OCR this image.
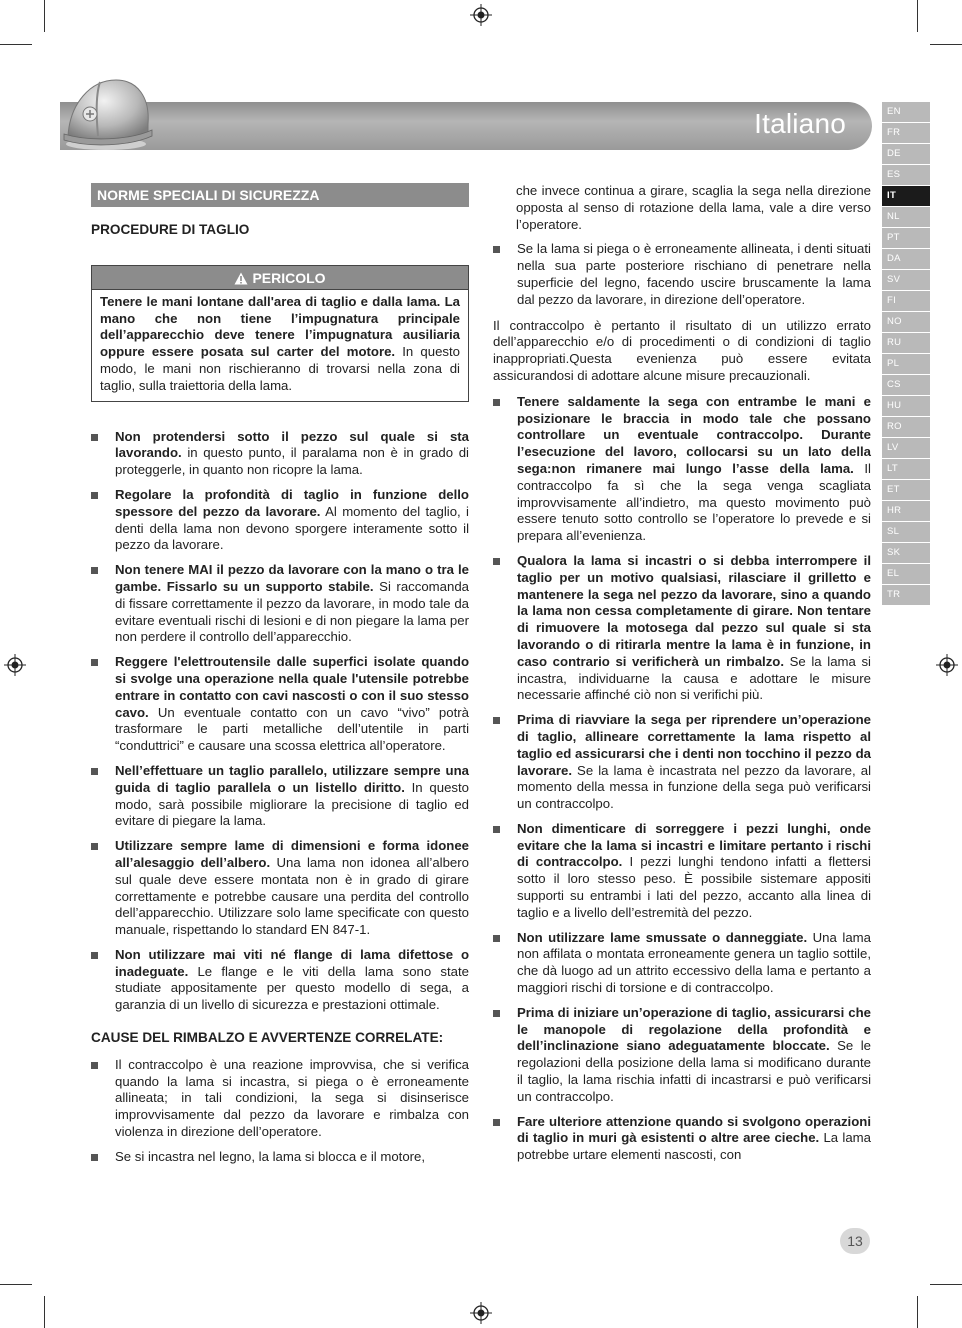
Italiano	EN
FR
DE
ES
IT
NL
PT
DA
SV
FI
NO
RU
PL
CS
HU
RO
LV
LT
ET
HR
SL
SK
EL
TR
NORME SPECIALI DI SICUREZZA
PROCEDURE DI TAGLIO
PERICOLO
Tenere le mani lontane dall'area di taglio e dalla lama. La mano che non tiene l’impugnatura principale dell’apparecchio deve tenere l’impugnatura ausiliaria oppure essere posata sul carter del motore. In questo modo, le mani non rischieranno di trovarsi nella zona di taglio, sulla traiettoria della lama.
Non protendersi sotto il pezzo sul quale si sta lavorando. in questo punto, il paralama non è in grado di proteggerle, in quanto non ricopre la lama.
Regolare la profondità di taglio in funzione dello spessore del pezzo da lavorare. Al momento del taglio, i denti della lama non devono sporgere interamente sotto il pezzo da lavorare.
Non tenere MAI il pezzo da lavorare con la mano o tra le gambe. Fissarlo su un supporto stabile. Si raccomanda di fissare correttamente il pezzo da lavorare, in modo tale da evitare eventuali rischi di lesioni e di non piegare la lama per non perdere il controllo dell’apparecchio.
Reggere l'elettroutensile dalle superfici isolate quando si svolge una operazione nella quale l'utensile potrebbe entrare in contatto con cavi nascosti o con il suo stesso cavo. Un eventuale contatto con un cavo “vivo” potrà trasformare le parti metalliche dell’utentile in parti “conduttrici” e causare una scossa elettrica all’operatore.
Nell’effettuare un taglio parallelo, utilizzare sempre una guida di taglio parallela o un listello diritto. In questo modo, sarà possibile migliorare la precisione di taglio ed evitare di piegare la lama.
Utilizzare sempre lame di dimensioni e forma idonee all’alesaggio dell’albero. Una lama non idonea all’albero sul quale deve essere montata non è in grado di girare correttamente e potrebbe causare una perdita del controllo dell’apparecchio. Utilizzare solo lame specificate con questo manuale, rispettando lo standard EN 847-1.
Non utilizzare mai viti né flange di lama difettose o inadeguate. Le flange e le viti della lama sono state studiate appositamente per questo modello di sega, a garanzia di un livello di sicurezza e prestazioni ottimale.
CAUSE DEL RIMBALZO E AVVERTENZE CORRELATE:
Il contraccolpo è una reazione improvvisa, che si verifica quando la lama si incastra, si piega o è erroneamente allineata; in tali condizioni, la sega si disinserisce improvvisamente dal pezzo da lavorare e rimbalza con violenza in direzione dell’operatore.
Se si incastra nel legno, la lama si blocca e il motore,
che invece continua a girare, scaglia la sega nella direzione opposta al senso di rotazione della lama, vale a dire verso l’operatore.
Se la lama si piega o è erroneamente allineata, i denti situati nella sua parte posteriore rischiano di penetrare nella superficie del legno, facendo uscire bruscamente la lama dal pezzo da lavorare, in direzione dell’operatore.
Il contraccolpo è pertanto il risultato di un utilizzo errato dell’apparecchio e/o di procedimenti o di condizioni di taglio inappropriati.Questa evenienza può essere evitata assicurandosi di adottare alcune misure precauzionali.
Tenere saldamente la sega con entrambe le mani e posizionare le braccia in modo tale che possano controllare un eventuale contraccolpo. Durante l’esecuzione del lavoro, collocarsi su un lato della sega:non rimanere mai lungo l’asse della lama. Il contraccolpo fa sì che la sega venga scagliata improvvisamente all’indietro, ma questo movimento può essere tenuto sotto controllo se l’operatore lo prevede e si prepara all’evenienza.
Qualora la lama si incastri o si debba interrompere il taglio per un motivo qualsiasi, rilasciare il grilletto e mantenere la sega nel pezzo da lavorare, sino a quando la lama non cessa completamente di girare. Non tentare di rimuovere la motosega dal pezzo sul quale si sta lavorando o di ritirarla mentre la lama è in funzione, in caso contrario si verificherà un rimbalzo. Se la lama si incastra, individuarne la causa e adottare le misure necessarie affinché ciò non si verifichi più.
Prima di riavviare la sega per riprendere un’operazione di taglio, allineare correttamente la lama rispetto al taglio ed assicurarsi che i denti non tocchino il pezzo da lavorare. Se la lama è incastrata nel pezzo da lavorare, al momento della messa in funzione della sega può verificarsi un contraccolpo.
Non dimenticare di sorreggere i pezzi lunghi, onde evitare che la lama si incastri e limitare pertanto i rischi di contraccolpo. I pezzi lunghi tendono infatti a flettersi sotto il loro stesso peso. È possibile sistemare appositi supporti su entrambi i lati del pezzo, accanto alla linea di taglio e a livello dell’estremità del pezzo.
Non utilizzare lame smussate o danneggiate. Una lama non affilata o montata erroneamente genera un taglio sottile, che dà luogo ad un attrito eccessivo della lama e pertanto a maggiori rischi di torsione e di contraccolpo.
Prima di iniziare un’operazione di taglio, assicurarsi che le manopole di regolazione della profondità e dell’inclinazione siano adeguatamente bloccate. Se le regolazioni della posizione della lama si modificano durante il taglio, la lama rischia infatti di incastrarsi e può verificarsi un contraccolpo.
Fare ulteriore attenzione quando si svolgono operazioni di taglio in muri gà esistenti o altre aree cieche. La lama potrebbe urtare elementi nascosti, con
13
